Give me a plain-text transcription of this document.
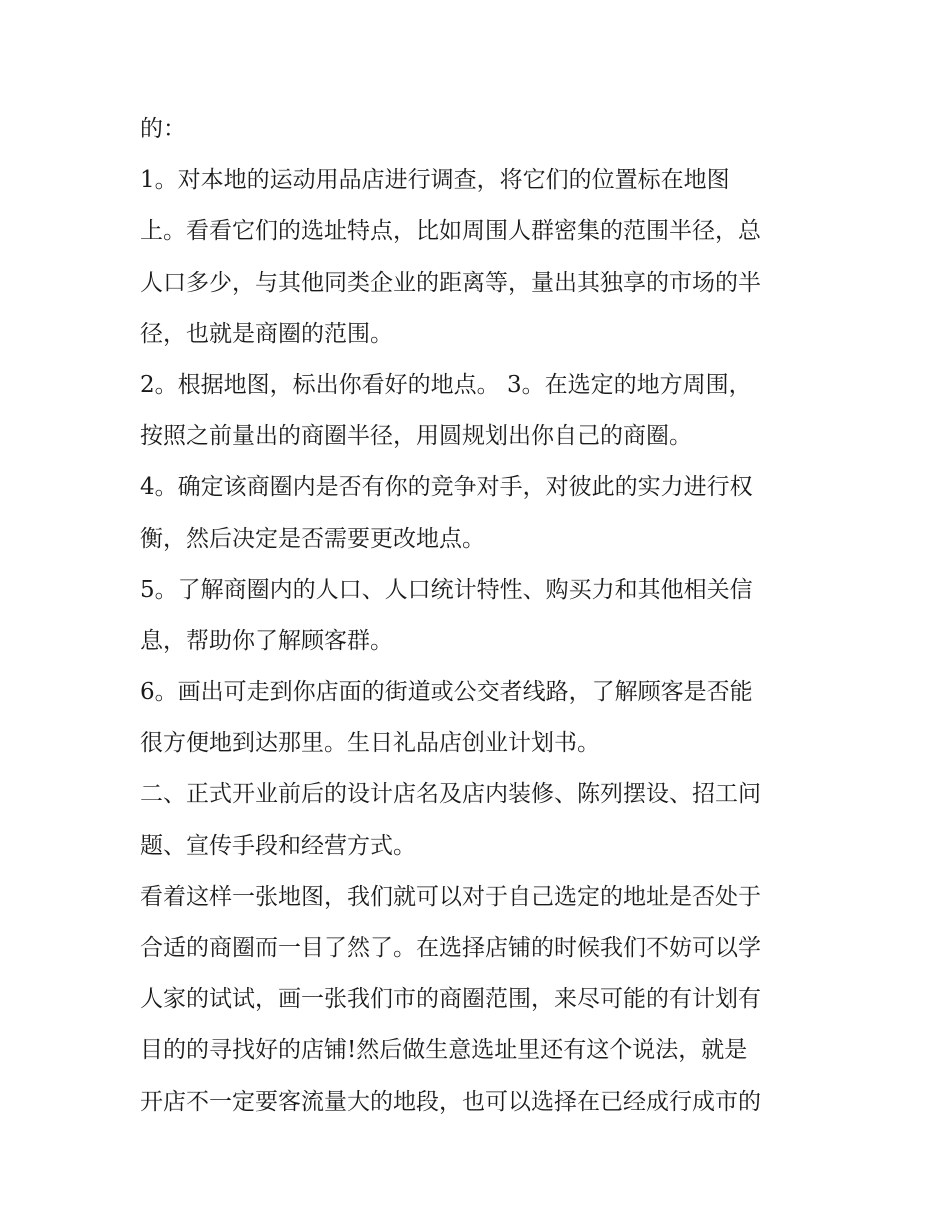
的：
1。对本地的运动用品店进行调查，将它们的位置标在地图
上。看看它们的选址特点，比如周围人群密集的范围半径，总
人口多少，与其他同类企业的距离等，量出其独享的市场的半
径，也就是商圈的范围。
2。根据地图，标出你看好的地点。 3。在选定的地方周围，
按照之前量出的商圈半径，用圆规划出你自己的商圈。
4。确定该商圈内是否有你的竞争对手，对彼此的实力进行权
衡，然后决定是否需要更改地点。
5。了解商圈内的人口、人口统计特性、购买力和其他相关信
息，帮助你了解顾客群。
6。画出可走到你店面的街道或公交者线路，了解顾客是否能
很方便地到达那里。生日礼品店创业计划书。
二、正式开业前后的设计店名及店内装修、陈列摆设、招工问
题、宣传手段和经营方式。
看着这样一张地图，我们就可以对于自己选定的地址是否处于
合适的商圈而一目了然了。在选择店铺的时候我们不妨可以学
人家的试试，画一张我们市的商圈范围，来尽可能的有计划有
目的的寻找好的店铺!然后做生意选址里还有这个说法，就是
开店不一定要客流量大的地段，也可以选择在已经成行成市的
